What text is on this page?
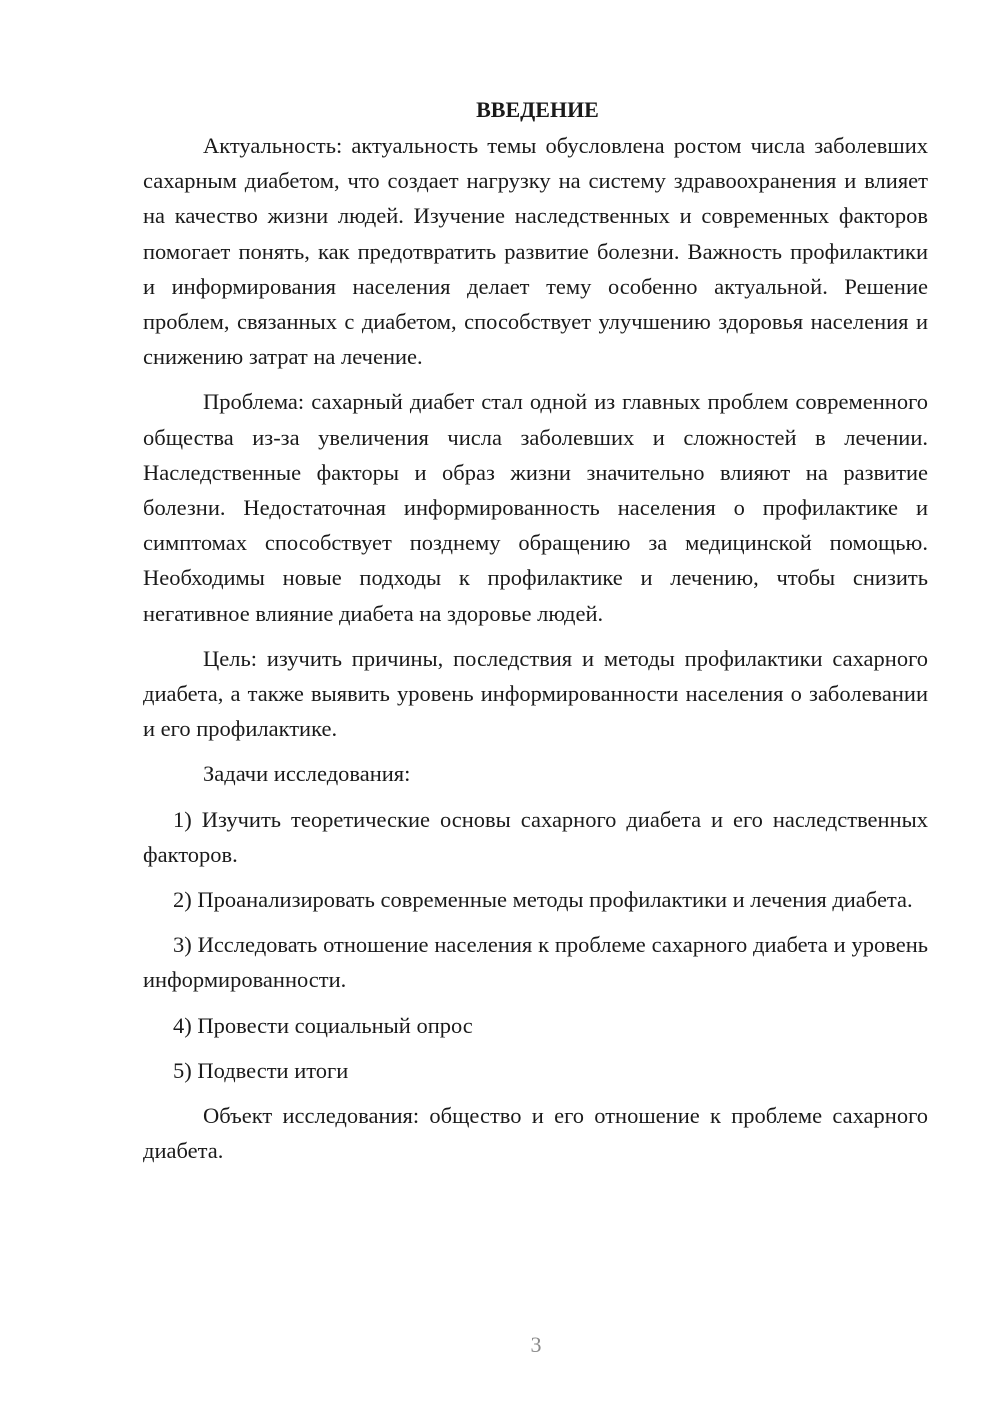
ВВЕДЕНИЕ

Актуальность: актуальность темы обусловлена ростом числа заболевших сахарным диабетом, что создает нагрузку на систему здравоохранения и влияет на качество жизни людей. Изучение наследственных и современных факторов помогает понять, как предотвратить развитие болезни. Важность профилактики и информирования населения делает тему особенно актуальной. Решение проблем, связанных с диабетом, способствует улучшению здоровья населения и снижению затрат на лечение.

Проблема: сахарный диабет стал одной из главных проблем современного общества из-за увеличения числа заболевших и сложностей в лечении. Наследственные факторы и образ жизни значительно влияют на развитие болезни. Недостаточная информированность населения о профилактике и симптомах способствует позднему обращению за медицинской помощью. Необходимы новые подходы к профилактике и лечению, чтобы снизить негативное влияние диабета на здоровье людей.

Цель: изучить причины, последствия и методы профилактики сахарного диабета, а также выявить уровень информированности населения о заболевании и его профилактике.

Задачи исследования:

1) Изучить теоретические основы сахарного диабета и его наследственных факторов.

2) Проанализировать современные методы профилактики и лечения диабета.

3) Исследовать отношение населения к проблеме сахарного диабета и уровень информированности.

4) Провести социальный опрос

5) Подвести итоги

Объект исследования: общество и его отношение к проблеме сахарного диабета.

3
